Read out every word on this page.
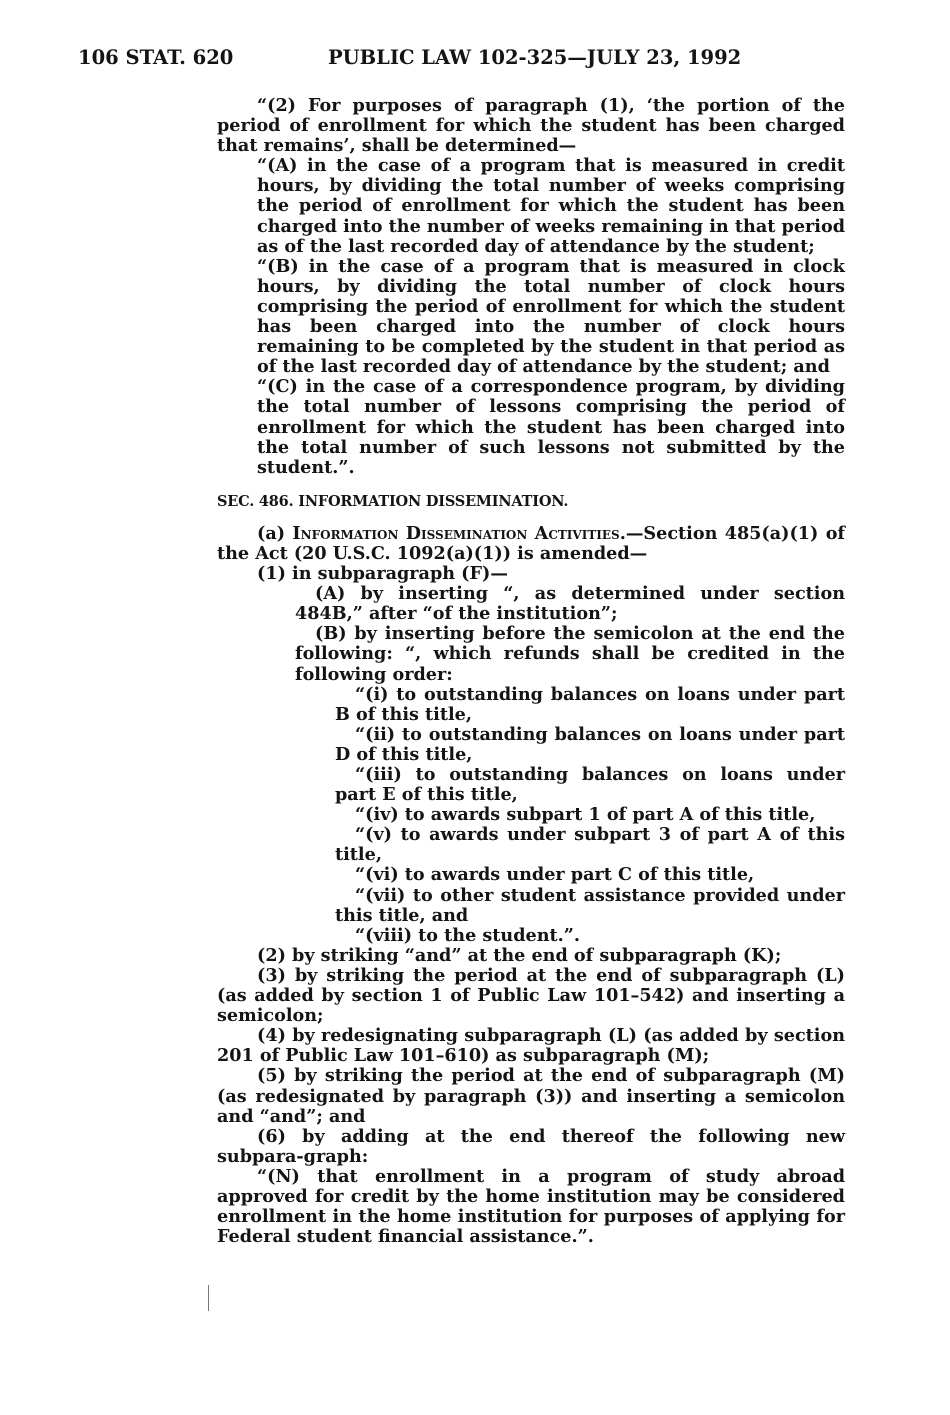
106 STAT. 620	PUBLIC LAW 102-325—JULY 23, 1992

“(2) For purposes of paragraph (1), ‘the portion of the period of enrollment for which the student has been charged that remains’, shall be determined—

“(A) in the case of a program that is measured in credit hours, by dividing the total number of weeks comprising the period of enrollment for which the student has been charged into the number of weeks remaining in that period as of the last recorded day of attendance by the student;

“(B) in the case of a program that is measured in clock hours, by dividing the total number of clock hours comprising the period of enrollment for which the student has been charged into the number of clock hours remaining to be completed by the student in that period as of the last recorded day of attendance by the student; and

“(C) in the case of a correspondence program, by dividing the total number of lessons comprising the period of enrollment for which the student has been charged into the total number of such lessons not submitted by the student.”.

SEC. 486. INFORMATION DISSEMINATION.

(a) Information Dissemination Activities.—Section 485(a)(1) of the Act (20 U.S.C. 1092(a)(1)) is amended—

(1) in subparagraph (F)—

(A) by inserting “, as determined under section 484B,” after “of the institution”;

(B) by inserting before the semicolon at the end the following: “, which refunds shall be credited in the following order:

“(i) to outstanding balances on loans under part B of this title,

“(ii) to outstanding balances on loans under part D of this title,

“(iii) to outstanding balances on loans under part E of this title,

“(iv) to awards subpart 1 of part A of this title,

“(v) to awards under subpart 3 of part A of this title,

“(vi) to awards under part C of this title,

“(vii) to other student assistance provided under this title, and

“(viii) to the student.”.

(2) by striking “and” at the end of subparagraph (K);

(3) by striking the period at the end of subparagraph (L) (as added by section 1 of Public Law 101–542) and inserting a semicolon;

(4) by redesignating subparagraph (L) (as added by section 201 of Public Law 101–610) as subparagraph (M);

(5) by striking the period at the end of subparagraph (M) (as redesignated by paragraph (3)) and inserting a semicolon and “and”; and

(6) by adding at the end thereof the following new subpara-graph:

“(N) that enrollment in a program of study abroad approved for credit by the home institution may be considered enrollment in the home institution for purposes of applying for Federal student financial assistance.”.
